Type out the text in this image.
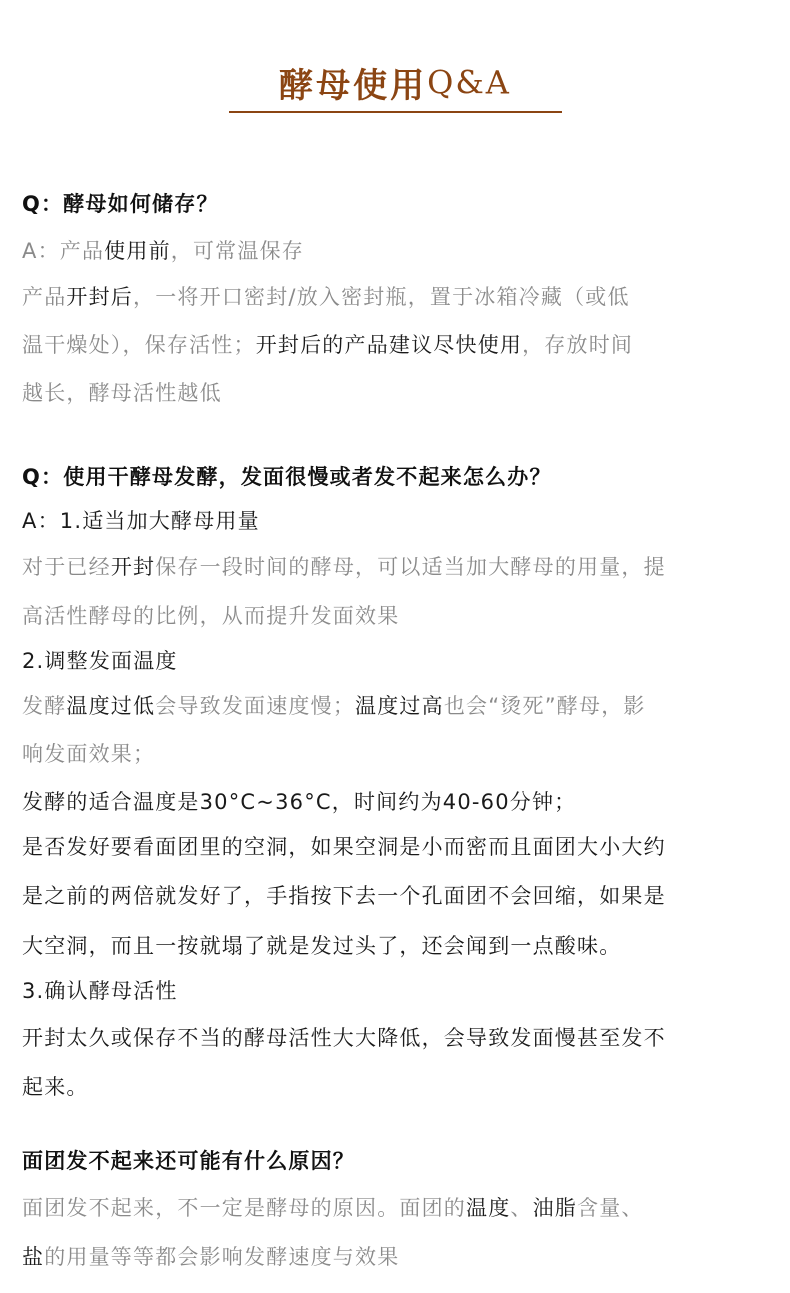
酵母使用Q&A
Q：酵母如何储存？
A：产品使用前，可常温保存
产品开封后，一将开口密封/放入密封瓶，置于冰箱冷藏（或低
温干燥处），保存活性；开封后的产品建议尽快使用，存放时间
越长，酵母活性越低
Q：使用干酵母发酵，发面很慢或者发不起来怎么办？
A：1.适当加大酵母用量
对于已经开封保存一段时间的酵母，可以适当加大酵母的用量，提
高活性酵母的比例，从而提升发面效果
2.调整发面温度
发酵温度过低会导致发面速度慢；温度过高也会“烫死”酵母，影
响发面效果；
发酵的适合温度是30°C~36°C，时间约为40-60分钟；
是否发好要看面团里的空洞，如果空洞是小而密而且面团大小大约
是之前的两倍就发好了，手指按下去一个孔面团不会回缩，如果是
大空洞，而且一按就塌了就是发过头了，还会闻到一点酸味。
3.确认酵母活性
开封太久或保存不当的酵母活性大大降低，会导致发面慢甚至发不
起来。
面团发不起来还可能有什么原因？
面团发不起来，不一定是酵母的原因。面团的温度、油脂含量、
盐的用量等等都会影响发酵速度与效果
